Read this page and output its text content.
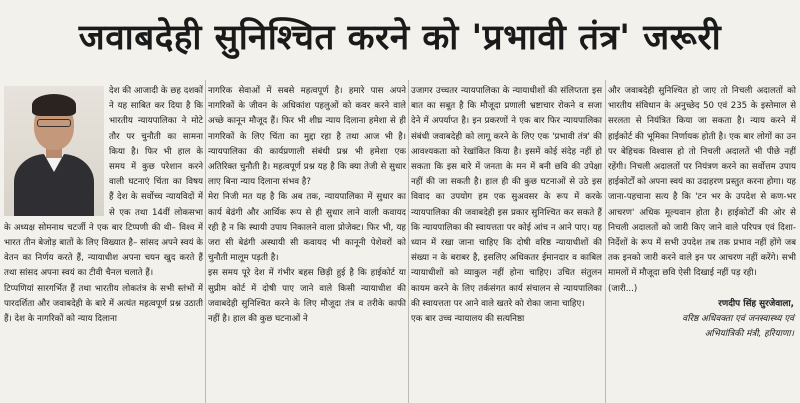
जवाबदेही सुनिश्चित करने को 'प्रभावी तंत्र' जरूरी

देश की आजादी के छह दशकों ने यह साबित कर दिया है कि भारतीय न्यायपालिका ने मोटे तौर पर चुनौती का सामना किया है। फिर भी हाल के समय में कुछ परेशान करने वाली घटनाएं चिंता का विषय हैं देश के सर्वोच्च न्यायविदों में से एक तथा 14वीं लोकसभा के अध्यक्ष सोमनाथ चटर्जी ने एक बार टिप्पणी की थी– विश्व में भारत तीन बेजोड़ बातों के लिए विख्यात है– सांसद अपने स्वयं के वेतन का निर्णय करते हैं, न्यायाधीश अपना चयन खुद करते हैं तथा सांसद अपना स्वयं का टीवी चैनल चलाते हैं।

टिप्पणियां सारगर्भित हैं तथा भारतीय लोकतंत्र के सभी स्तंभों में पारदर्शिता और जवाबदेही के बारे में अत्यंत महत्वपूर्ण प्रश्न उठाती हैं। देश के नागरिकों को न्याय दिलाना

नागरिक सेवाओं में सबसे महत्वपूर्ण है। हमारे पास अपने नागरिकों के जीवन के अधिकांश पहलुओं को कवर करने वाले अच्छे कानून मौजूद हैं। फिर भी शीघ्र न्याय दिलाना हमेशा से ही नागरिकों के लिए चिंता का मुद्दा रहा है तथा आज भी है। न्यायपालिका की कार्यप्रणाली संबंधी प्रश्न भी हमेशा एक अतिरिक्त चुनौती है। महत्वपूर्ण प्रश्न यह है कि क्या तेजी से सुधार लाए बिना न्याय दिलाना संभव है?

मेरा निजी मत यह है कि अब तक, न्यायपालिका में सुधार का कार्य बेढंगी और आर्थिक रूप से ही सुधार लाने वाली कवायद रही है न कि स्थायी उपाय निकालने वाला प्रोजेक्ट। फिर भी, यह जरा सी बेढंगी अस्थायी सी कवायद भी कानूनी पेशेवरों को चुनौती मालूम पड़ती है।

इस समय पूरे देश में गंभीर बहस छिड़ी हुई है कि हाईकोर्ट या सुप्रीम कोर्ट में दोषी पाए जाने वाले किसी न्यायाधीश की जवाबदेही सुनिश्चित करने के लिए मौजूदा तंत्र व तरीके काफी नहीं है। हाल की कुछ घटनाओं ने

उजागर उच्चतर न्यायपालिका के न्यायाधीशों की संलिप्तता इस बात का सबूत है कि मौजूदा प्रणाली भ्रष्टाचार रोकने व सजा देने में अपर्याप्त है। इन प्रकरणों ने एक बार फिर न्यायपालिका संबंधी जवाबदेही को लागू करने के लिए एक 'प्रभावी तंत्र' की आवश्यकता को रेखांकित किया है। इसमें कोई संदेह नहीं हो सकता कि इस बारे में जनता के मन में बनी छवि की उपेक्षा नहीं की जा सकती है। हाल ही की कुछ घटनाओं से उठे इस विवाद का उपयोग हम एक सुअवसर के रूप में करके न्यायपालिका की जवाबदेही इस प्रकार सुनिश्चित कर सकते हैं कि न्यायपालिका की स्वायत्तता पर कोई आंच न आने पाए। यह ध्यान में रखा जाना चाहिए कि दोषी वरिष्ठ न्यायाधीशों की संख्या न के बराबर है, इसलिए अधिकतर ईमानदार व काबिल न्यायाधीशों को व्याकुल नहीं होना चाहिए। उचित संतुलन कायम करने के लिए तर्कसंगत कार्य संचालन से न्यायपालिका की स्वायत्तता पर आने वाले खतरे को रोका जाना चाहिए।

एक बार उच्च न्यायालय की सत्यनिष्ठा

और जवाबदेही सुनिश्चित हो जाए तो निचली अदालतों को भारतीय संविधान के अनुच्छेद 50 एवं 235 के इस्तेमाल से सरलता से नियंत्रित किया जा सकता है। न्याय करने में हाईकोर्ट की भूमिका निर्णायक होती है। एक बार लोगों का उन पर बेहिचक विश्वास हो तो निचली अदालतें भी पीछे नहीं रहेंगी। निचली अदालतों पर नियंत्रण करने का सर्वोत्तम उपाय हाईकोर्टों को अपना स्वयं का उदाहरण प्रस्तुत करना होगा। यह जाना-पहचाना सत्य है कि 'टन भर के उपदेश से कण-भर आचरण' अधिक मूल्यवान होता है। हाईकोर्टों की ओर से निचली अदालतों को जारी किए जाने वाले परिपत्र एवं दिशा-निर्देशों के रूप में सभी उपदेश तब तक प्रभाव नहीं होंगे जब तक इनको जारी करने वाले इन पर आचरण नहीं करेंगे। सभी मामलों में मौजूदा छवि ऐसी दिखाई नहीं पड़ रही।

(जारी...)

रणदीप सिंह सुरजेवाला,
वरिष्ठ अधिवक्ता एवं जनस्वास्थ्य एवं
अभियांत्रिकी मंत्री, हरियाणा।
